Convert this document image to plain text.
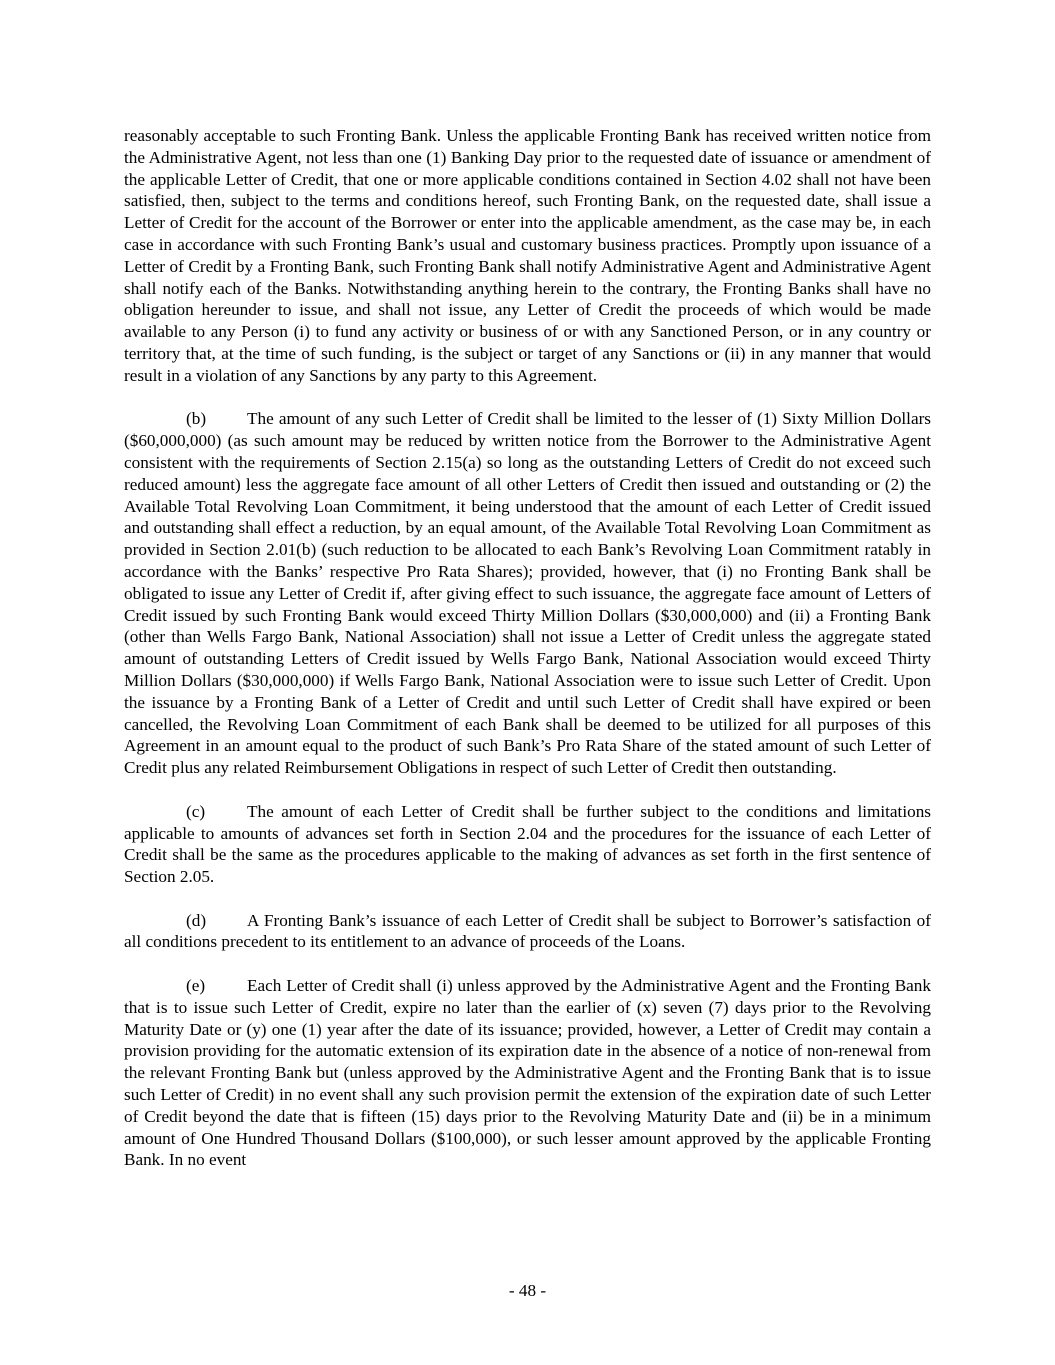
reasonably acceptable to such Fronting Bank. Unless the applicable Fronting Bank has received written notice from the Administrative Agent, not less than one (1) Banking Day prior to the requested date of issuance or amendment of the applicable Letter of Credit, that one or more applicable conditions contained in Section 4.02 shall not have been satisfied, then, subject to the terms and conditions hereof, such Fronting Bank, on the requested date, shall issue a Letter of Credit for the account of the Borrower or enter into the applicable amendment, as the case may be, in each case in accordance with such Fronting Bank’s usual and customary business practices. Promptly upon issuance of a Letter of Credit by a Fronting Bank, such Fronting Bank shall notify Administrative Agent and Administrative Agent shall notify each of the Banks. Notwithstanding anything herein to the contrary, the Fronting Banks shall have no obligation hereunder to issue, and shall not issue, any Letter of Credit the proceeds of which would be made available to any Person (i) to fund any activity or business of or with any Sanctioned Person, or in any country or territory that, at the time of such funding, is the subject or target of any Sanctions or (ii) in any manner that would result in a violation of any Sanctions by any party to this Agreement.

(b) The amount of any such Letter of Credit shall be limited to the lesser of (1) Sixty Million Dollars ($60,000,000) (as such amount may be reduced by written notice from the Borrower to the Administrative Agent consistent with the requirements of Section 2.15(a) so long as the outstanding Letters of Credit do not exceed such reduced amount) less the aggregate face amount of all other Letters of Credit then issued and outstanding or (2) the Available Total Revolving Loan Commitment, it being understood that the amount of each Letter of Credit issued and outstanding shall effect a reduction, by an equal amount, of the Available Total Revolving Loan Commitment as provided in Section 2.01(b) (such reduction to be allocated to each Bank’s Revolving Loan Commitment ratably in accordance with the Banks’ respective Pro Rata Shares); provided, however, that (i) no Fronting Bank shall be obligated to issue any Letter of Credit if, after giving effect to such issuance, the aggregate face amount of Letters of Credit issued by such Fronting Bank would exceed Thirty Million Dollars ($30,000,000) and (ii) a Fronting Bank (other than Wells Fargo Bank, National Association) shall not issue a Letter of Credit unless the aggregate stated amount of outstanding Letters of Credit issued by Wells Fargo Bank, National Association would exceed Thirty Million Dollars ($30,000,000) if Wells Fargo Bank, National Association were to issue such Letter of Credit. Upon the issuance by a Fronting Bank of a Letter of Credit and until such Letter of Credit shall have expired or been cancelled, the Revolving Loan Commitment of each Bank shall be deemed to be utilized for all purposes of this Agreement in an amount equal to the product of such Bank’s Pro Rata Share of the stated amount of such Letter of Credit plus any related Reimbursement Obligations in respect of such Letter of Credit then outstanding.

(c) The amount of each Letter of Credit shall be further subject to the conditions and limitations applicable to amounts of advances set forth in Section 2.04 and the procedures for the issuance of each Letter of Credit shall be the same as the procedures applicable to the making of advances as set forth in the first sentence of Section 2.05.

(d) A Fronting Bank’s issuance of each Letter of Credit shall be subject to Borrower’s satisfaction of all conditions precedent to its entitlement to an advance of proceeds of the Loans.

(e) Each Letter of Credit shall (i) unless approved by the Administrative Agent and the Fronting Bank that is to issue such Letter of Credit, expire no later than the earlier of (x) seven (7) days prior to the Revolving Maturity Date or (y) one (1) year after the date of its issuance; provided, however, a Letter of Credit may contain a provision providing for the automatic extension of its expiration date in the absence of a notice of non-renewal from the relevant Fronting Bank but (unless approved by the Administrative Agent and the Fronting Bank that is to issue such Letter of Credit) in no event shall any such provision permit the extension of the expiration date of such Letter of Credit beyond the date that is fifteen (15) days prior to the Revolving Maturity Date and (ii) be in a minimum amount of One Hundred Thousand Dollars ($100,000), or such lesser amount approved by the applicable Fronting Bank. In no event

- 48 -
